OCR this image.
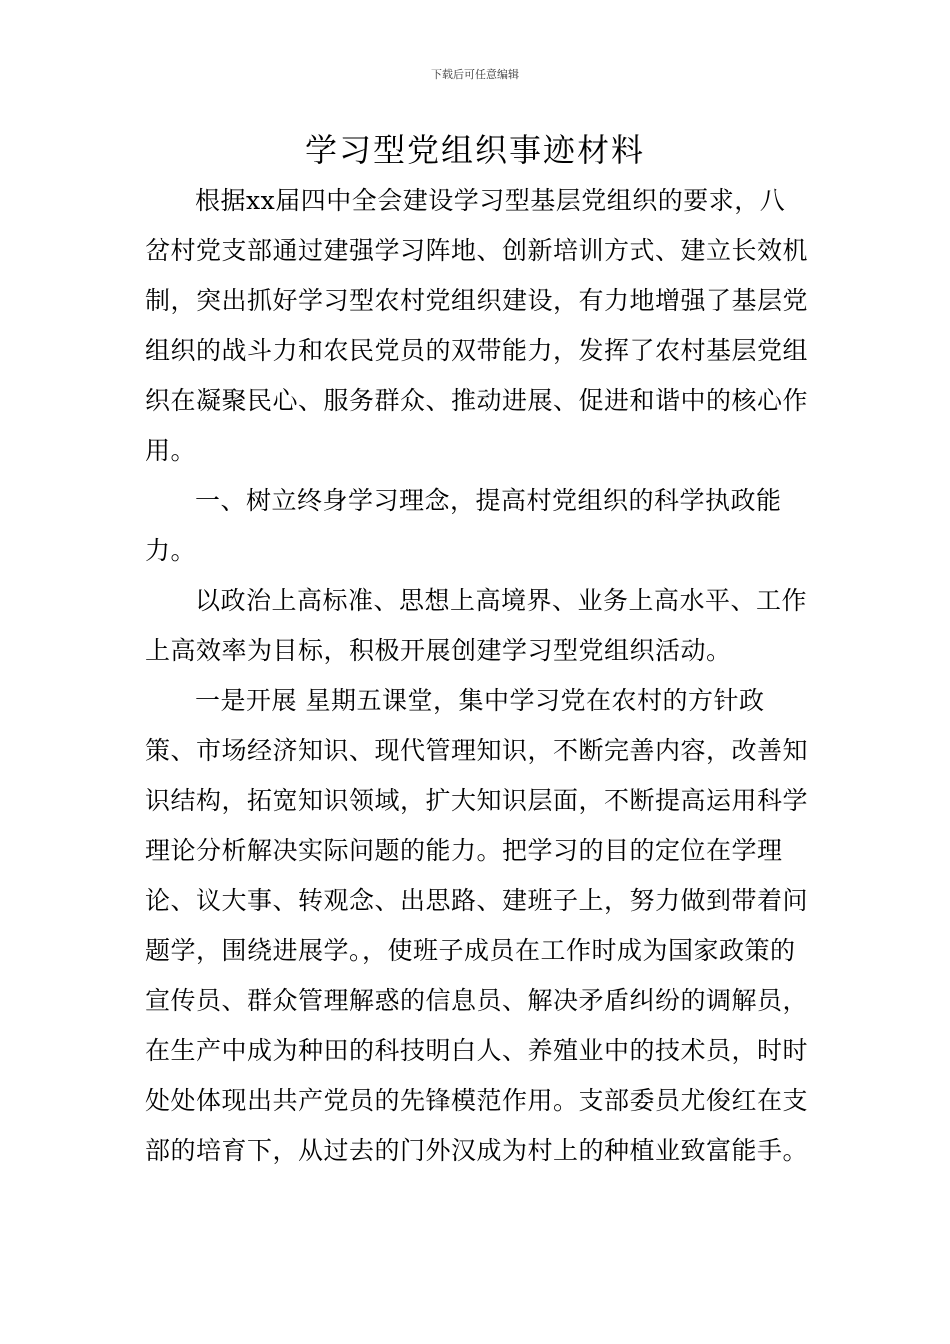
下载后可任意编辑
学习型党组织事迹材料

根据xx届四中全会建设学习型基层党组织的要求，八岔村党支部通过建强学习阵地、创新培训方式、建立长效机制，突出抓好学习型农村党组织建设，有力地增强了基层党组织的战斗力和农民党员的双带能力，发挥了农村基层党组织在凝聚民心、服务群众、推动进展、促进和谐中的核心作用。

一、树立终身学习理念，提高村党组织的科学执政能力。

以政治上高标准、思想上高境界、业务上高水平、工作上高效率为目标，积极开展创建学习型党组织活动。

一是开展 星期五课堂，集中学习党在农村的方针政策、市场经济知识、现代管理知识，不断完善内容，改善知识结构，拓宽知识领域，扩大知识层面，不断提高运用科学理论分析解决实际问题的能力。把学习的目的定位在学理论、议大事、转观念、出思路、建班子上，努力做到带着问题学，围绕进展学。，使班子成员在工作时成为国家政策的宣传员、群众管理解惑的信息员、解决矛盾纠纷的调解员，在生产中成为种田的科技明白人、养殖业中的技术员，时时处处体现出共产党员的先锋模范作用。支部委员尤俊红在支部的培育下，从过去的门外汉成为村上的种植业致富能手。
